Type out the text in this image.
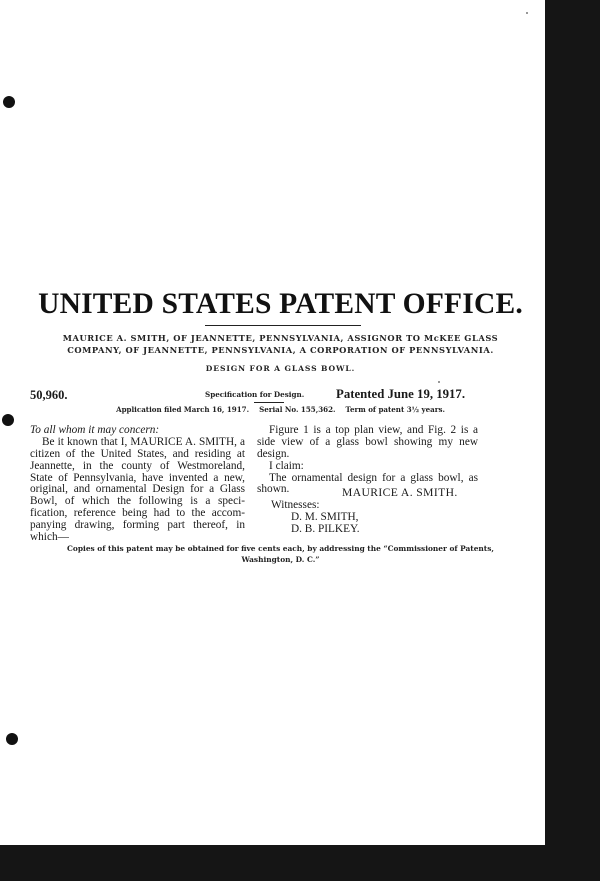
UNITED STATES PATENT OFFICE.
MAURICE A. SMITH, OF JEANNETTE, PENNSYLVANIA, ASSIGNOR TO McKEE GLASS
COMPANY, OF JEANNETTE, PENNSYLVANIA, A CORPORATION OF PENNSYLVANIA.
DESIGN FOR A GLASS BOWL.
50,960.	Specification for Design. Patented June 19, 1917.
Application filed March 16, 1917. Serial No. 155,362. Term of patent 3½ years.
To all whom it may concern:
Be it known that I, MAURICE A. SMITH, a
citizen of the United States, and residing at
Jeannette, in the county of Westmoreland,
State of Pennsylvania, have invented a new,
original, and ornamental Design for a Glass
Bowl, of which the following is a speci-
fication, reference being had to the accom-
panying drawing, forming part thereof, in
which—
Figure 1 is a top plan view, and Fig. 2 is a
side view of a glass bowl showing my new
design.
I claim:
The ornamental design for a glass bowl, as
shown.	MAURICE A. SMITH.
Witnesses:
D. M. SMITH,
D. B. PILKEY.
Copies of this patent may be obtained for five cents each, by addressing the “Commissioner of Patents,
Washington, D. C.”
